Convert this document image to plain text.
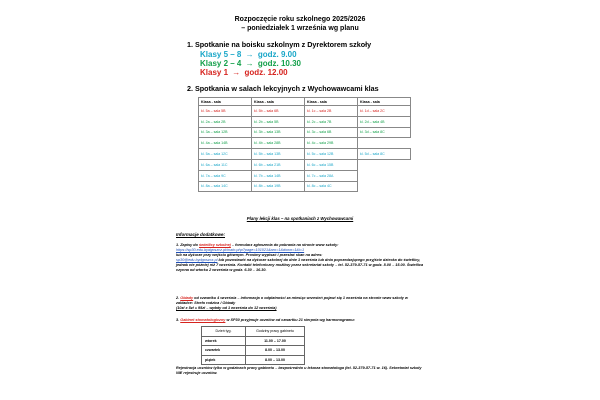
Rozpoczęcie roku szkolnego 2025/2026
– poniedziałek 1 września wg planu
1. Spotkanie na boisku szkolnym z Dyrektorem szkoły
Klasy 5 – 8 → godz. 9.00
Klasy 2 – 4 → godz. 10.30
Klasy 1 → godz. 12.00
2. Spotkania w salach lekcyjnych z Wychowawcami klas
Klasa - sala	Klasa - sala	Klasa - sala	Klasa - sala
kl. 5a – sala 5B	kl. 5b – sala 6B	kl. 1c – sala 2B	kl. 1d – sala 2C
kl. 2a – sala 2B	kl. 2b – sala 5B	kl. 2c – sala 7B	kl. 2d – sala 4B
kl. 3a – sala 12B	kl. 3b – sala 13B	kl. 3c – sala 6B	kl. 3d – sala 8C
kl. 4a – sala 14B	kl. 4b – sala 28B	kl. 4c – sala 29B	
kl. 5a – sala 12C	kl. 5b – sala 13B	kl. 5c – sala 12B	kl. 5d – sala 8C
kl. 6a – sala 11C	kl. 6b – sala 21B	kl. 6c – sala 15B	
kl. 7a – sala 9C	kl. 7b – sala 14B	kl. 7c – sala 28A	
kl. 8a – sala 14C	kl. 8b – sala 19B	kl. 8c – sala 4C	
Plany lekcji klas – na spotkaniach z Wychowawcami
Informacje dodatkowe:
1. Zapisy do świetlicy szkolnej – formularz zgłoszenia do pobrania na stronie www szkoły:
https://sp30.edu.bydgoszcz.pl/main.php?page=101021&aro=1&down=1&i=1
lub na dyżurze przy wejściu głównym. Prosimy wypisać i przesłać skan na adres:
sp30@edu.bydgoszcz.pl lub pozostawić na dyżurze szkolnej do dnie 1 września lub dnia poprzedzającego przyjście dziecka do świetlicy, jednak nie później niż 7 września. Kontakt telefoniczny możliwy przez sekretariat szkoły – tel. 52-379-57-71 w godz. 8.00 – 15.00. Świetlica czynna od wtorku 2 września w godz. 6.30 – 16.30.
2. Obiady od czwartku 4 września – informacja o odpłatności za miesiąc wrzesień pojawi się 1 września na stronie www szkoły w zakładce: Strefa rodzica / Obiady
(10zł x 5zł = 95zł – wpłaty od 1 września do 12 września)
3. Gabinet stomatologiczny w SP30 przyjmuje uczniów od czwartku 21 sierpnia wg harmonogramu:
Dzień tyg.	Godziny pracy gabinetu
wtorek	11.00 – 17.00
czwartek	8.00 – 13.00
piątek	8.00 – 13.00
Rejestracja uczniów tylko w godzinach pracy gabinetu – bezpośrednio u lekarza stomatologa (tel. 52-379-57-71 w. 16). Sekretariat szkoły NIE rejestruje uczniów.
